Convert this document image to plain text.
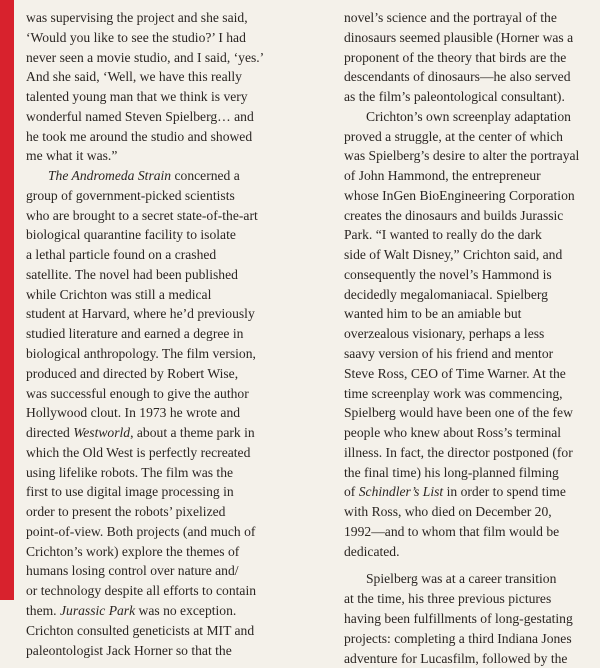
was supervising the project and she said,
‘Would you like to see the studio?’ I had
never seen a movie studio, and I said, ‘yes.’
And she said, ‘Well, we have this really
talented young man that we think is very
wonderful named Steven Spielberg… and
he took me around the studio and showed
me what it was.”
The Andromeda Strain concerned a
group of government-picked scientists
who are brought to a secret state-of-the-art
biological quarantine facility to isolate
a lethal particle found on a crashed
satellite. The novel had been published
while Crichton was still a medical
student at Harvard, where he’d previously
studied literature and earned a degree in
biological anthropology. The film version,
produced and directed by Robert Wise,
was successful enough to give the author
Hollywood clout. In 1973 he wrote and
directed Westworld, about a theme park in
which the Old West is perfectly recreated
using lifelike robots. The film was the
first to use digital image processing in
order to present the robots’ pixelized
point-of-view. Both projects (and much of
Crichton’s work) explore the themes of
humans losing control over nature and/
or technology despite all efforts to contain
them. Jurassic Park was no exception.
Crichton consulted geneticists at MIT and
paleontologist Jack Horner so that the
novel’s science and the portrayal of the
dinosaurs seemed plausible (Horner was a
proponent of the theory that birds are the
descendants of dinosaurs—he also served
as the film’s paleontological consultant).
Crichton’s own screenplay adaptation
proved a struggle, at the center of which
was Spielberg’s desire to alter the portrayal
of John Hammond, the entrepreneur
whose InGen BioEngineering Corporation
creates the dinosaurs and builds Jurassic
Park. “I wanted to really do the dark
side of Walt Disney,” Crichton said, and
consequently the novel’s Hammond is
decidedly megalomaniacal. Spielberg
wanted him to be an amiable but
overzealous visionary, perhaps a less
saavy version of his friend and mentor
Steve Ross, CEO of Time Warner. At the
time screenplay work was commencing,
Spielberg would have been one of the few
people who knew about Ross’s terminal
illness. In fact, the director postponed (for
the final time) his long-planned filming
of Schindler’s List in order to spend time
with Ross, who died on December 20,
1992—and to whom that film would be
dedicated.
Spielberg was at a career transition
at the time, his three previous pictures
having been fulfillments of long-gestating
projects: completing a third Indiana Jones
adventure for Lucasfilm, followed by the
